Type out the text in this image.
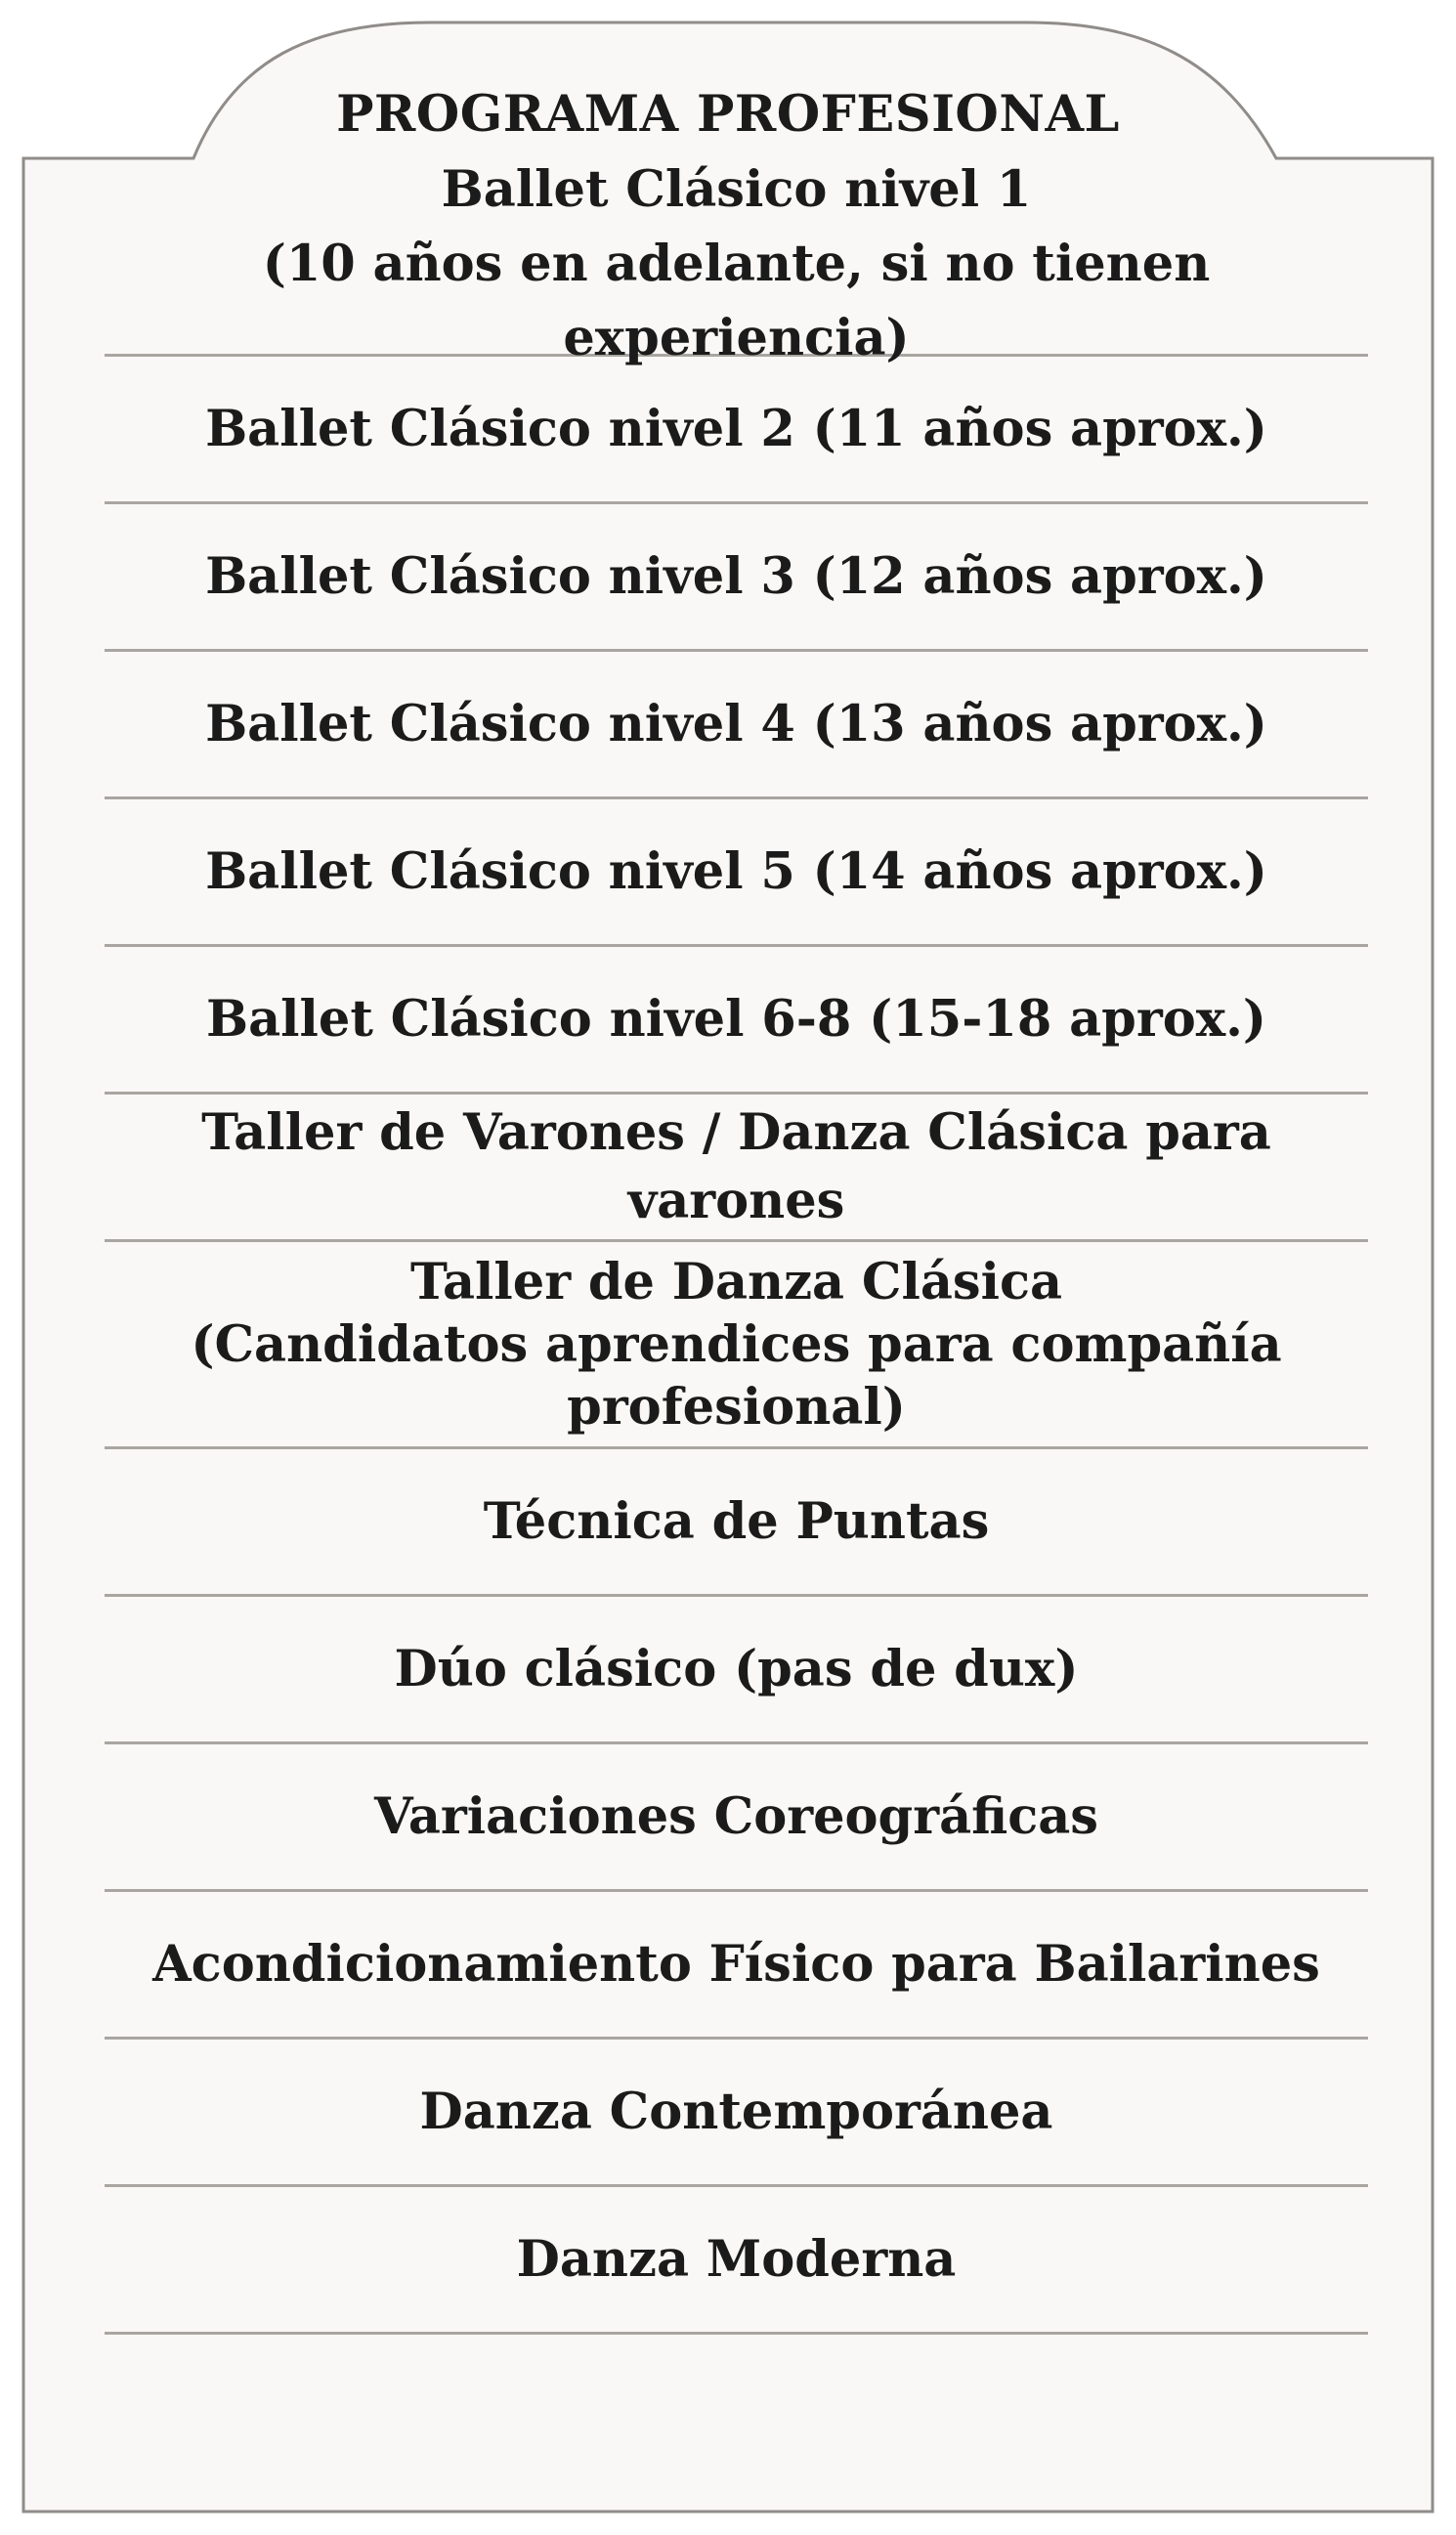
PROGRAMA PROFESIONAL
Ballet Clásico nivel 1
(10 años en adelante, si no tienen experiencia)
Ballet Clásico nivel 2 (11 años aprox.)
Ballet Clásico nivel 3 (12 años aprox.)
Ballet Clásico nivel 4 (13 años aprox.)
Ballet Clásico nivel 5 (14 años aprox.)
Ballet Clásico nivel 6-8 (15-18 aprox.)
Taller de Varones / Danza Clásica para varones
Taller de Danza Clásica
(Candidatos aprendices para compañía profesional)
Técnica de Puntas
Dúo clásico (pas de dux)
Variaciones Coreográficas
Acondicionamiento Físico para Bailarines
Danza Contemporánea
Danza Moderna
